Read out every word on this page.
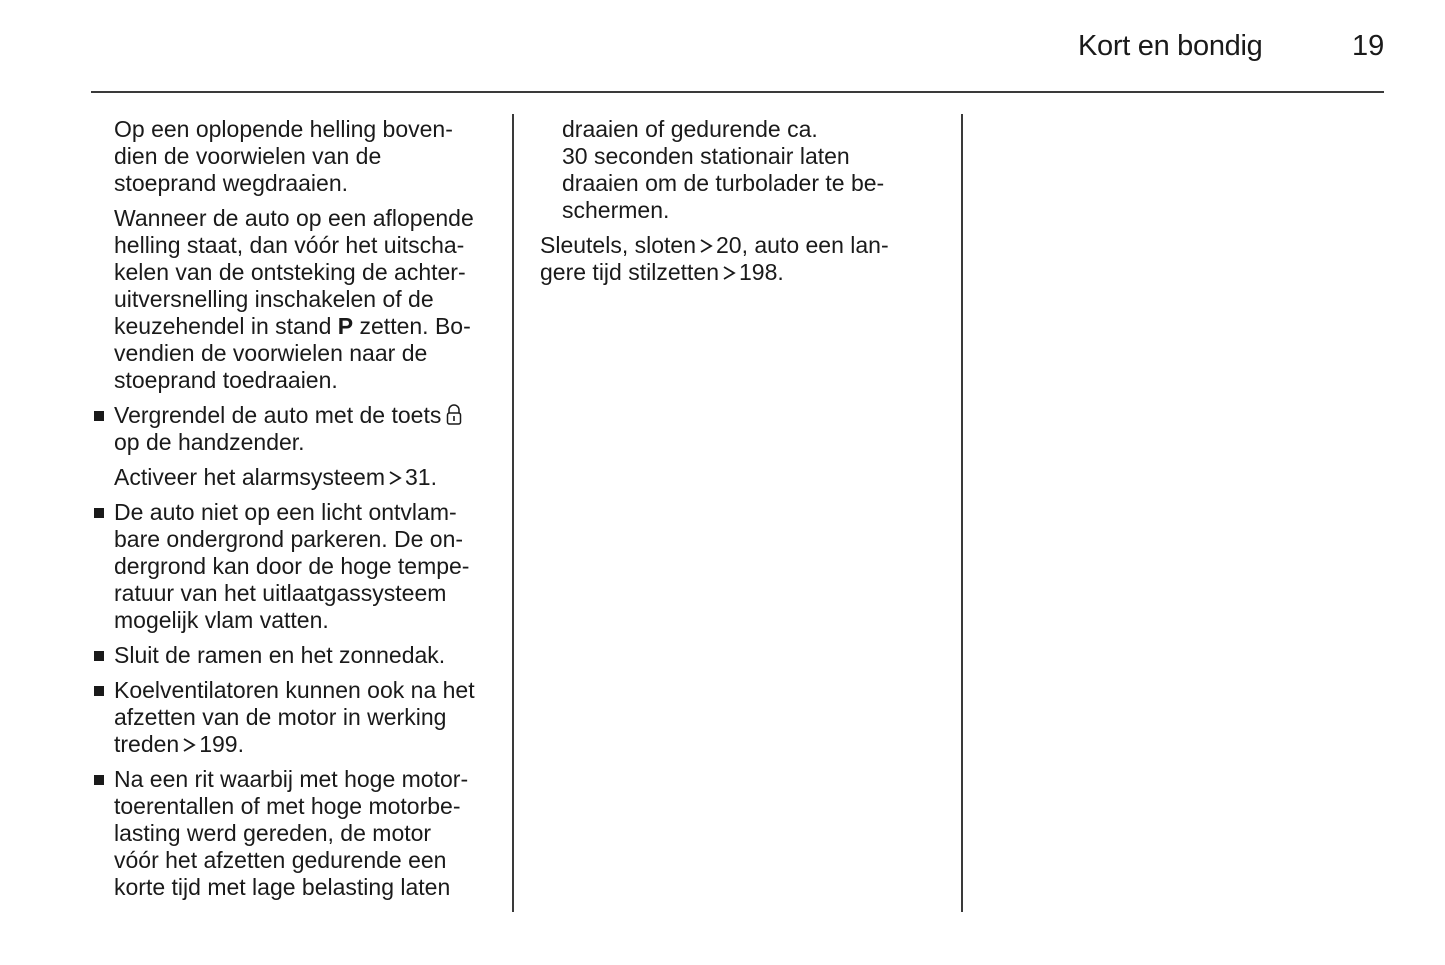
Kort en bondig	19
Op een oplopende helling boven-
dien de voorwielen van de
stoeprand wegdraaien.
Wanneer de auto op een aflopende
helling staat, dan vóór het uitscha-
kelen van de ontsteking de achter-
uitversnelling inschakelen of de
keuzehendel in stand P zetten. Bo-
vendien de voorwielen naar de
stoeprand toedraaien.
Vergrendel de auto met de toets
op de handzender.
Activeer het alarmsysteem 31.
De auto niet op een licht ontvlam-
bare ondergrond parkeren. De on-
dergrond kan door de hoge tempe-
ratuur van het uitlaatgassysteem
mogelijk vlam vatten.
Sluit de ramen en het zonnedak.
Koelventilatoren kunnen ook na het
afzetten van de motor in werking
treden 199.
Na een rit waarbij met hoge motor-
toerentallen of met hoge motorbe-
lasting werd gereden, de motor
vóór het afzetten gedurende een
korte tijd met lage belasting laten
draaien of gedurende ca.
30 seconden stationair laten
draaien om de turbolader te be-
schermen.
Sleutels, sloten 20, auto een lan-
gere tijd stilzetten 198.
